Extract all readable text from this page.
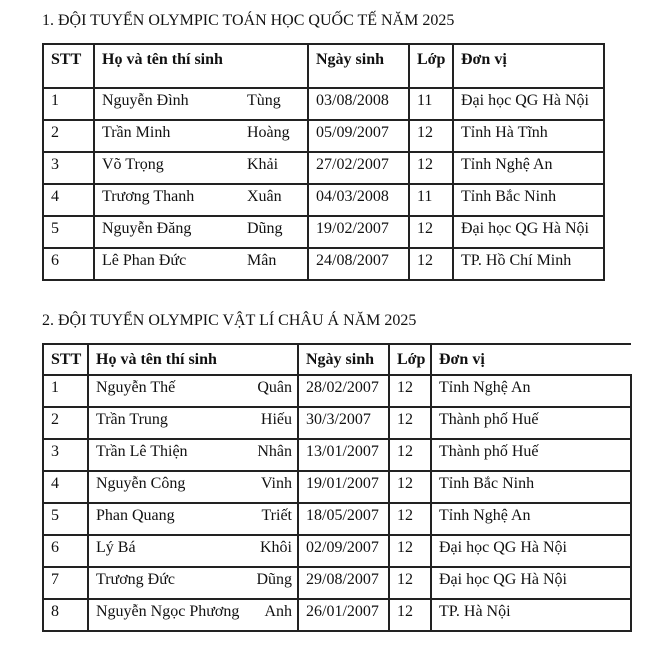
1. ĐỘI TUYỂN OLYMPIC TOÁN HỌC QUỐC TẾ NĂM 2025
STT	Họ và tên thí sinh	Ngày sinh	Lớp	Đơn vị
1	Nguyễn Đình Tùng	03/08/2008	11	Đại học QG Hà Nội
2	Trần Minh Hoàng	05/09/2007	12	Tỉnh Hà Tĩnh
3	Võ Trọng Khải	27/02/2007	12	Tỉnh Nghệ An
4	Trương Thanh Xuân	04/03/2008	11	Tỉnh Bắc Ninh
5	Nguyễn Đăng Dũng	19/02/2007	12	Đại học QG Hà Nội
6	Lê Phan Đức Mân	24/08/2007	12	TP. Hồ Chí Minh
2. ĐỘI TUYỂN OLYMPIC VẬT LÍ CHÂU Á NĂM 2025
STT	Họ và tên thí sinh	Ngày sinh	Lớp	Đơn vị
1	Nguyễn Thế Quân	28/02/2007	12	Tỉnh Nghệ An
2	Trần Trung Hiếu	30/3/2007	12	Thành phố Huế
3	Trần Lê Thiện Nhân	13/01/2007	12	Thành phố Huế
4	Nguyễn Công Vinh	19/01/2007	12	Tỉnh Bắc Ninh
5	Phan Quang Triết	18/05/2007	12	Tỉnh Nghệ An
6	Lý Bá Khôi	02/09/2007	12	Đại học QG Hà Nội
7	Trương Đức Dũng	29/08/2007	12	Đại học QG Hà Nội
8	Nguyễn Ngọc Phương Anh	26/01/2007	12	TP. Hà Nội
